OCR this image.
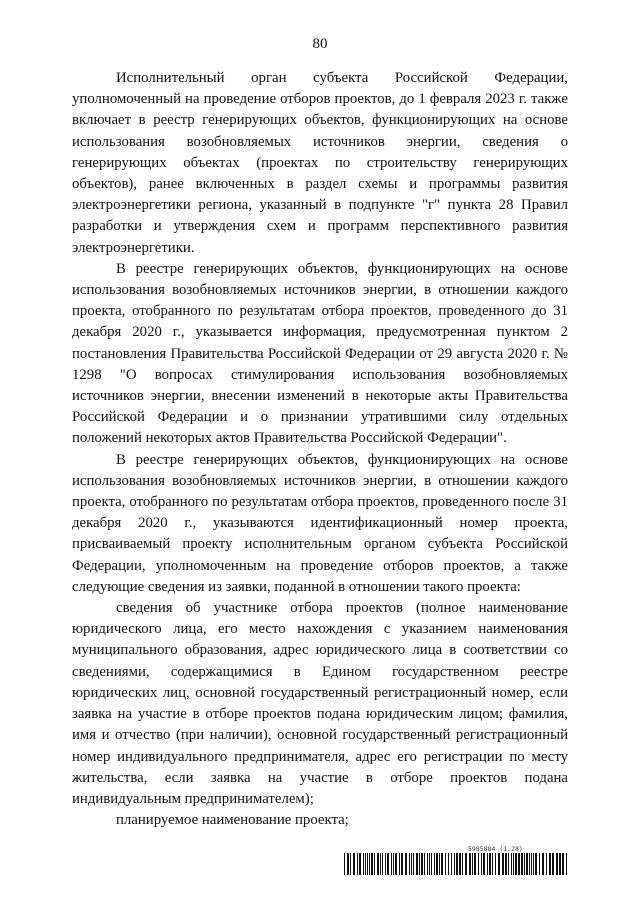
80

Исполнительный орган субъекта Российской Федерации, уполномоченный на проведение отборов проектов, до 1 февраля 2023 г. также включает в реестр генерирующих объектов, функционирующих на основе использования возобновляемых источников энергии, сведения о генерирующих объектах (проектах по строительству генерирующих объектов), ранее включенных в раздел схемы и программы развития электроэнергетики региона, указанный в подпункте "г" пункта 28 Правил разработки и утверждения схем и программ перспективного развития электроэнергетики.

В реестре генерирующих объектов, функционирующих на основе использования возобновляемых источников энергии, в отношении каждого проекта, отобранного по результатам отбора проектов, проведенного до 31 декабря 2020 г., указывается информация, предусмотренная пунктом 2 постановления Правительства Российской Федерации от 29 августа 2020 г. № 1298 "О вопросах стимулирования использования возобновляемых источников энергии, внесении изменений в некоторые акты Правительства Российской Федерации и о признании утратившими силу отдельных положений некоторых актов Правительства Российской Федерации".

В реестре генерирующих объектов, функционирующих на основе использования возобновляемых источников энергии, в отношении каждого проекта, отобранного по результатам отбора проектов, проведенного после 31 декабря 2020 г., указываются идентификационный номер проекта, присваиваемый проекту исполнительным органом субъекта Российской Федерации, уполномоченным на проведение отборов проектов, а также следующие сведения из заявки, поданной в отношении такого проекта:

сведения об участнике отбора проектов (полное наименование юридического лица, его место нахождения с указанием наименования муниципального образования, адрес юридического лица в соответствии со сведениями, содержащимися в Едином государственном реестре юридических лиц, основной государственный регистрационный номер, если заявка на участие в отборе проектов подана юридическим лицом; фамилия, имя и отчество (при наличии), основной государственный регистрационный номер индивидуального предпринимателя, адрес его регистрации по месту жительства, если заявка на участие в отборе проектов подана индивидуальным предпринимателем);

планируемое наименование проекта;

5985884 (1.28)
